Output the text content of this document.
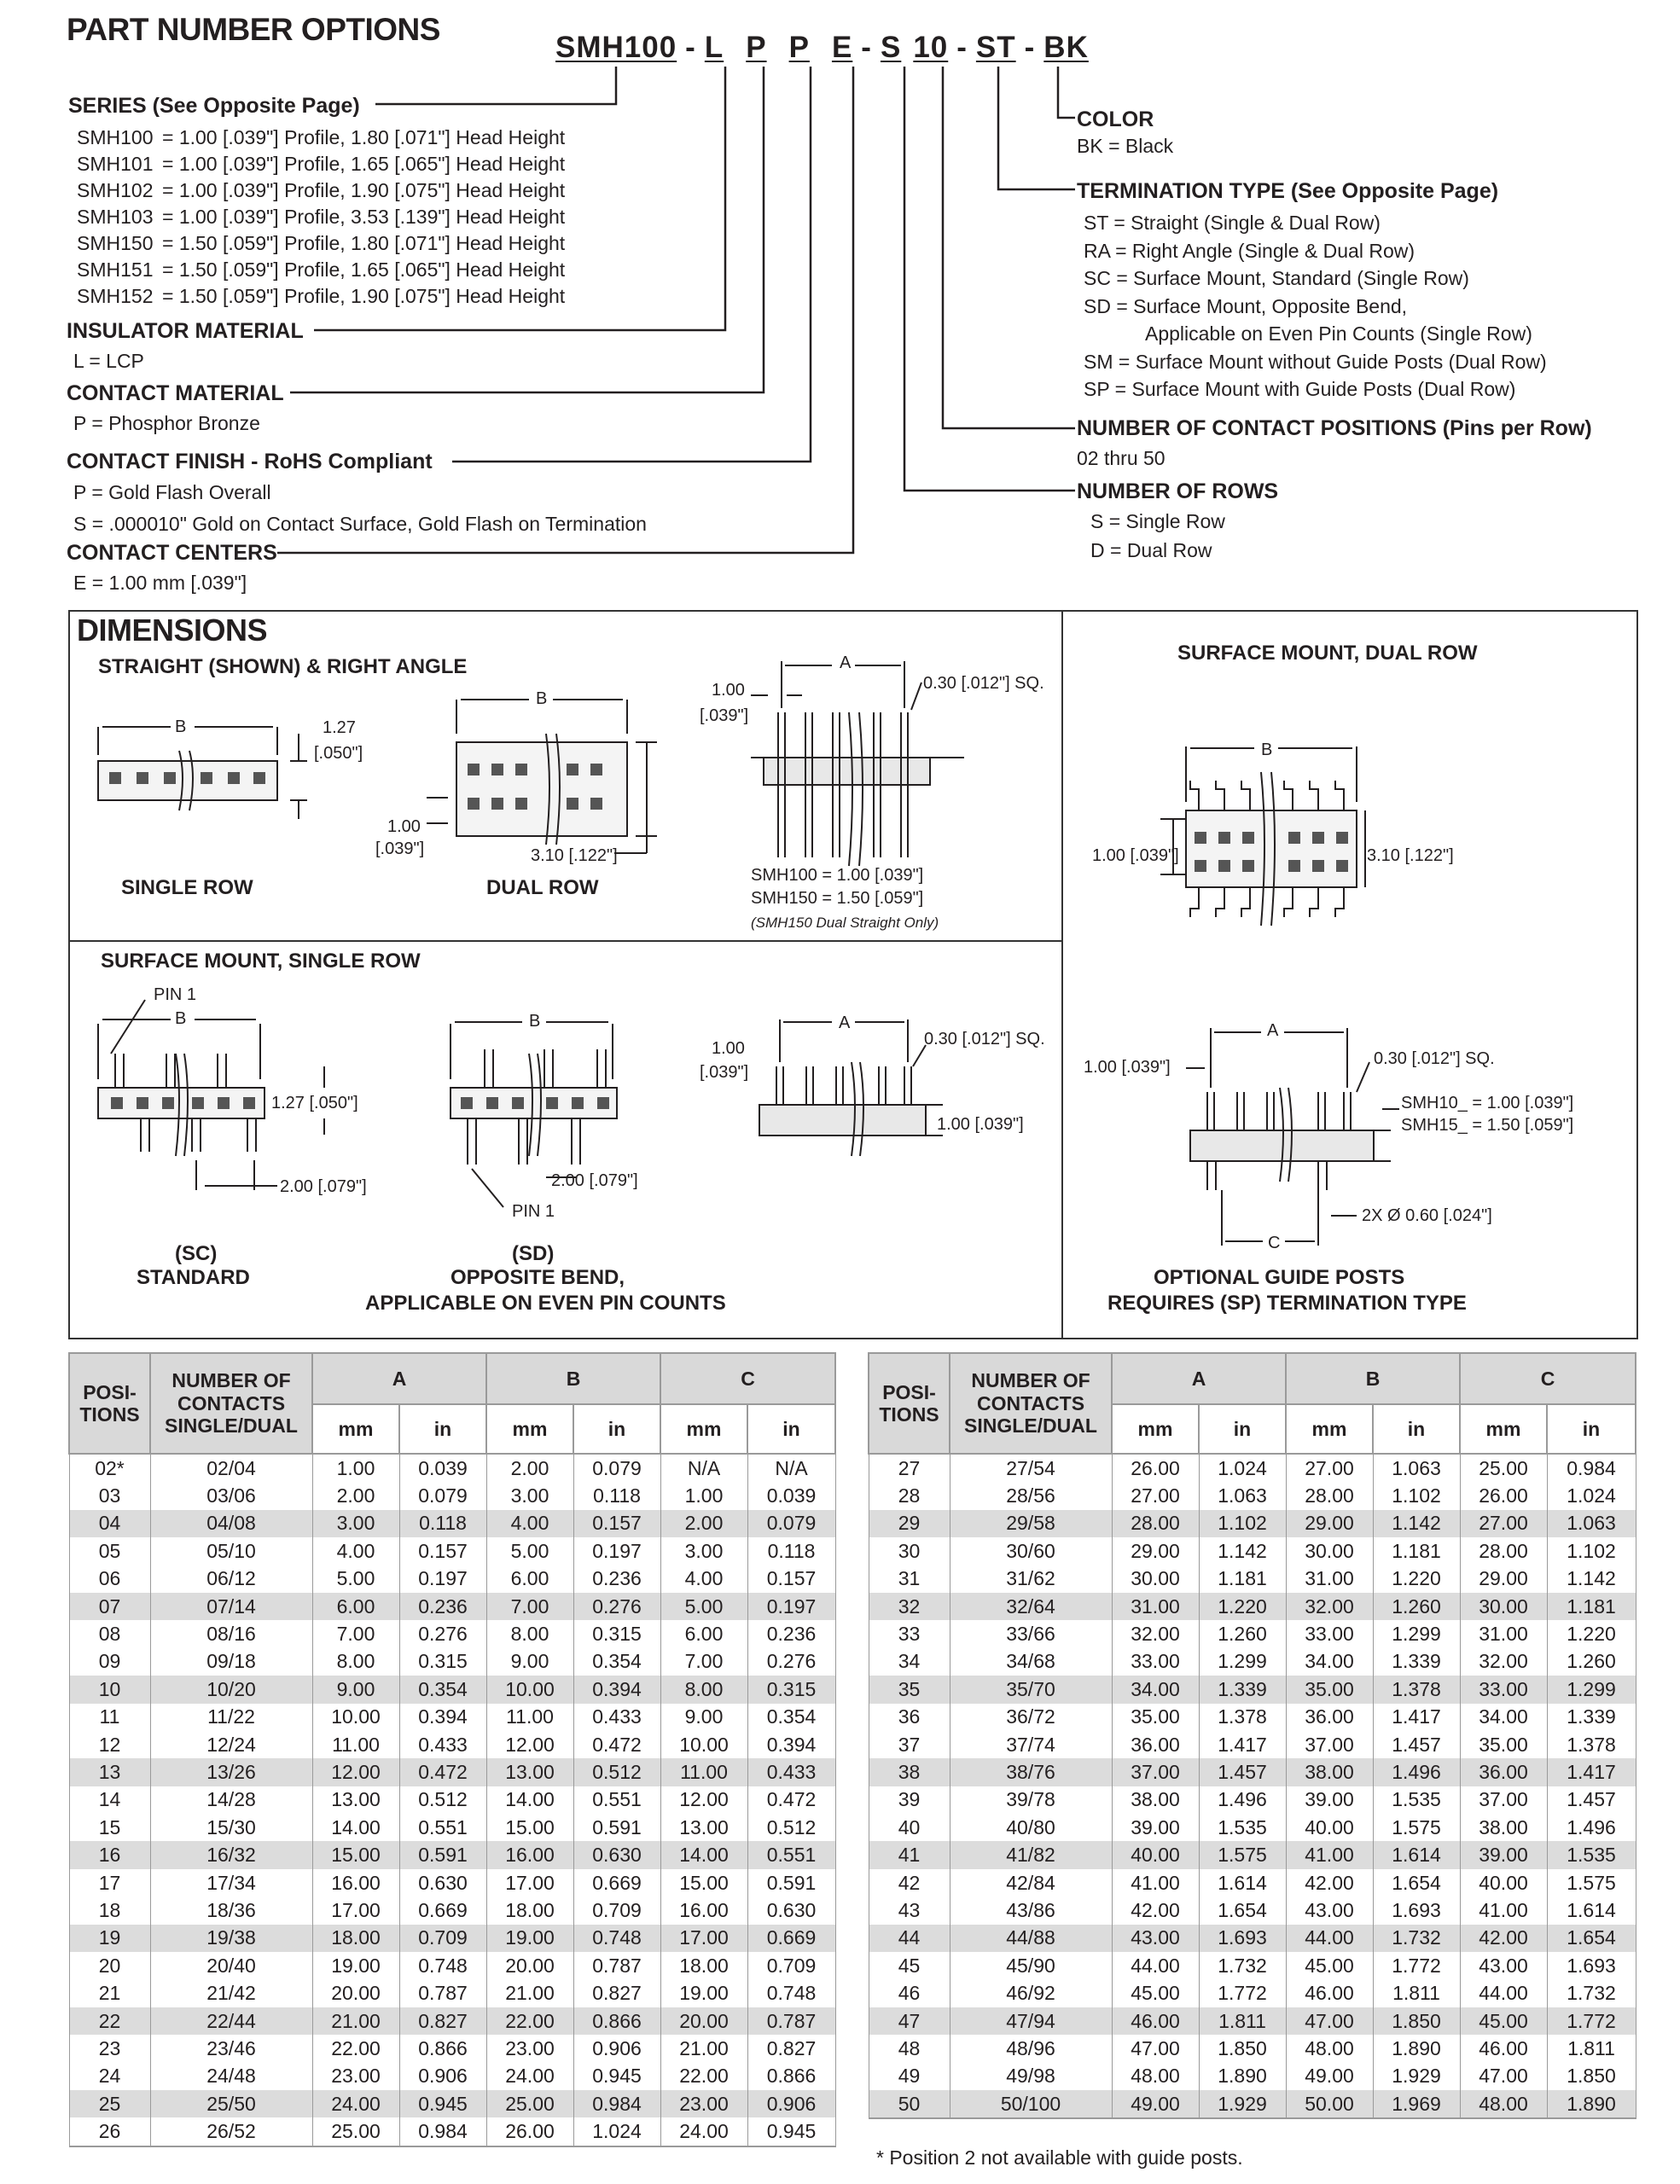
PART NUMBER OPTIONS
SMH100 - L P P E - S 10 - ST - BK
SERIES (See Opposite Page)
SMH100 = 1.00 [.039"] Profile, 1.80 [.071"] Head Height
SMH101 = 1.00 [.039"] Profile, 1.65 [.065"] Head Height
SMH102 = 1.00 [.039"] Profile, 1.90 [.075"] Head Height
SMH103 = 1.00 [.039"] Profile, 3.53 [.139"] Head Height
SMH150 = 1.50 [.059"] Profile, 1.80 [.071"] Head Height
SMH151 = 1.50 [.059"] Profile, 1.65 [.065"] Head Height
SMH152 = 1.50 [.059"] Profile, 1.90 [.075"] Head Height
INSULATOR MATERIAL
L = LCP
CONTACT MATERIAL
P = Phosphor Bronze
CONTACT FINISH - RoHS Compliant
P = Gold Flash Overall
S = .000010" Gold on Contact Surface, Gold Flash on Termination
CONTACT CENTERS
E = 1.00 mm [.039"]
COLOR
BK = Black
TERMINATION TYPE (See Opposite Page)
ST = Straight (Single & Dual Row)
RA = Right Angle (Single & Dual Row)
SC = Surface Mount, Standard (Single Row)
SD = Surface Mount, Opposite Bend,
Applicable on Even Pin Counts (Single Row)
SM = Surface Mount without Guide Posts (Dual Row)
SP = Surface Mount with Guide Posts (Dual Row)
NUMBER OF CONTACT POSITIONS (Pins per Row)
02 thru 50
NUMBER OF ROWS
S = Single Row
D = Dual Row
DIMENSIONS
STRAIGHT (SHOWN) & RIGHT ANGLE
SINGLE ROW	DUAL ROW
SURFACE MOUNT, DUAL ROW
SURFACE MOUNT, SINGLE ROW
(SC)
STANDARD
(SD)
OPPOSITE BEND,
APPLICABLE ON EVEN PIN COUNTS
OPTIONAL GUIDE POSTS
REQUIRES (SP) TERMINATION TYPE
B	1.27
[.050"]
B
1.00
[.039"]	3.10 [.122"]
A
1.00
[.039"]
0.30 [.012"] SQ.
SMH100 = 1.00 [.039"]
SMH150 = 1.50 [.059"]
(SMH150 Dual Straight Only)
B
1.00 [.039"]	3.10 [.122"]
PIN 1
B
1.27 [.050"]
2.00 [.079"]
B
2.00 [.079"]
PIN 1
A
1.00
[.039"]
0.30 [.012"] SQ.
1.00 [.039"]
A
1.00 [.039"]	0.30 [.012"] SQ.
SMH10_ = 1.00 [.039"]
SMH15_ = 1.50 [.059"]
2X Ø 0.60 [.024"]
C
POSI-
TIONS	NUMBER OF
CONTACTS
SINGLE/DUAL	A		B		C	
		mm	in	mm	in	mm	in
02*	02/04	1.00	0.039	2.00	0.079	N/A	N/A
03	03/06	2.00	0.079	3.00	0.118	1.00	0.039
04	04/08	3.00	0.118	4.00	0.157	2.00	0.079
05	05/10	4.00	0.157	5.00	0.197	3.00	0.118
06	06/12	5.00	0.197	6.00	0.236	4.00	0.157
07	07/14	6.00	0.236	7.00	0.276	5.00	0.197
08	08/16	7.00	0.276	8.00	0.315	6.00	0.236
09	09/18	8.00	0.315	9.00	0.354	7.00	0.276
10	10/20	9.00	0.354	10.00	0.394	8.00	0.315
11	11/22	10.00	0.394	11.00	0.433	9.00	0.354
12	12/24	11.00	0.433	12.00	0.472	10.00	0.394
13	13/26	12.00	0.472	13.00	0.512	11.00	0.433
14	14/28	13.00	0.512	14.00	0.551	12.00	0.472
15	15/30	14.00	0.551	15.00	0.591	13.00	0.512
16	16/32	15.00	0.591	16.00	0.630	14.00	0.551
17	17/34	16.00	0.630	17.00	0.669	15.00	0.591
18	18/36	17.00	0.669	18.00	0.709	16.00	0.630
19	19/38	18.00	0.709	19.00	0.748	17.00	0.669
20	20/40	19.00	0.748	20.00	0.787	18.00	0.709
21	21/42	20.00	0.787	21.00	0.827	19.00	0.748
22	22/44	21.00	0.827	22.00	0.866	20.00	0.787
23	23/46	22.00	0.866	23.00	0.906	21.00	0.827
24	24/48	23.00	0.906	24.00	0.945	22.00	0.866
25	25/50	24.00	0.945	25.00	0.984	23.00	0.906
26	26/52	25.00	0.984	26.00	1.024	24.00	0.945
POSI-
TIONS	NUMBER OF
CONTACTS
SINGLE/DUAL	A		B		C	
		mm	in	mm	in	mm	in
27	27/54	26.00	1.024	27.00	1.063	25.00	0.984
28	28/56	27.00	1.063	28.00	1.102	26.00	1.024
29	29/58	28.00	1.102	29.00	1.142	27.00	1.063
30	30/60	29.00	1.142	30.00	1.181	28.00	1.102
31	31/62	30.00	1.181	31.00	1.220	29.00	1.142
32	32/64	31.00	1.220	32.00	1.260	30.00	1.181
33	33/66	32.00	1.260	33.00	1.299	31.00	1.220
34	34/68	33.00	1.299	34.00	1.339	32.00	1.260
35	35/70	34.00	1.339	35.00	1.378	33.00	1.299
36	36/72	35.00	1.378	36.00	1.417	34.00	1.339
37	37/74	36.00	1.417	37.00	1.457	35.00	1.378
38	38/76	37.00	1.457	38.00	1.496	36.00	1.417
39	39/78	38.00	1.496	39.00	1.535	37.00	1.457
40	40/80	39.00	1.535	40.00	1.575	38.00	1.496
41	41/82	40.00	1.575	41.00	1.614	39.00	1.535
42	42/84	41.00	1.614	42.00	1.654	40.00	1.575
43	43/86	42.00	1.654	43.00	1.693	41.00	1.614
44	44/88	43.00	1.693	44.00	1.732	42.00	1.654
45	45/90	44.00	1.732	45.00	1.772	43.00	1.693
46	46/92	45.00	1.772	46.00	1.811	44.00	1.732
47	47/94	46.00	1.811	47.00	1.850	45.00	1.772
48	48/96	47.00	1.850	48.00	1.890	46.00	1.811
49	49/98	48.00	1.890	49.00	1.929	47.00	1.850
50	50/100	49.00	1.929	50.00	1.969	48.00	1.890
* Position 2 not available with guide posts.
